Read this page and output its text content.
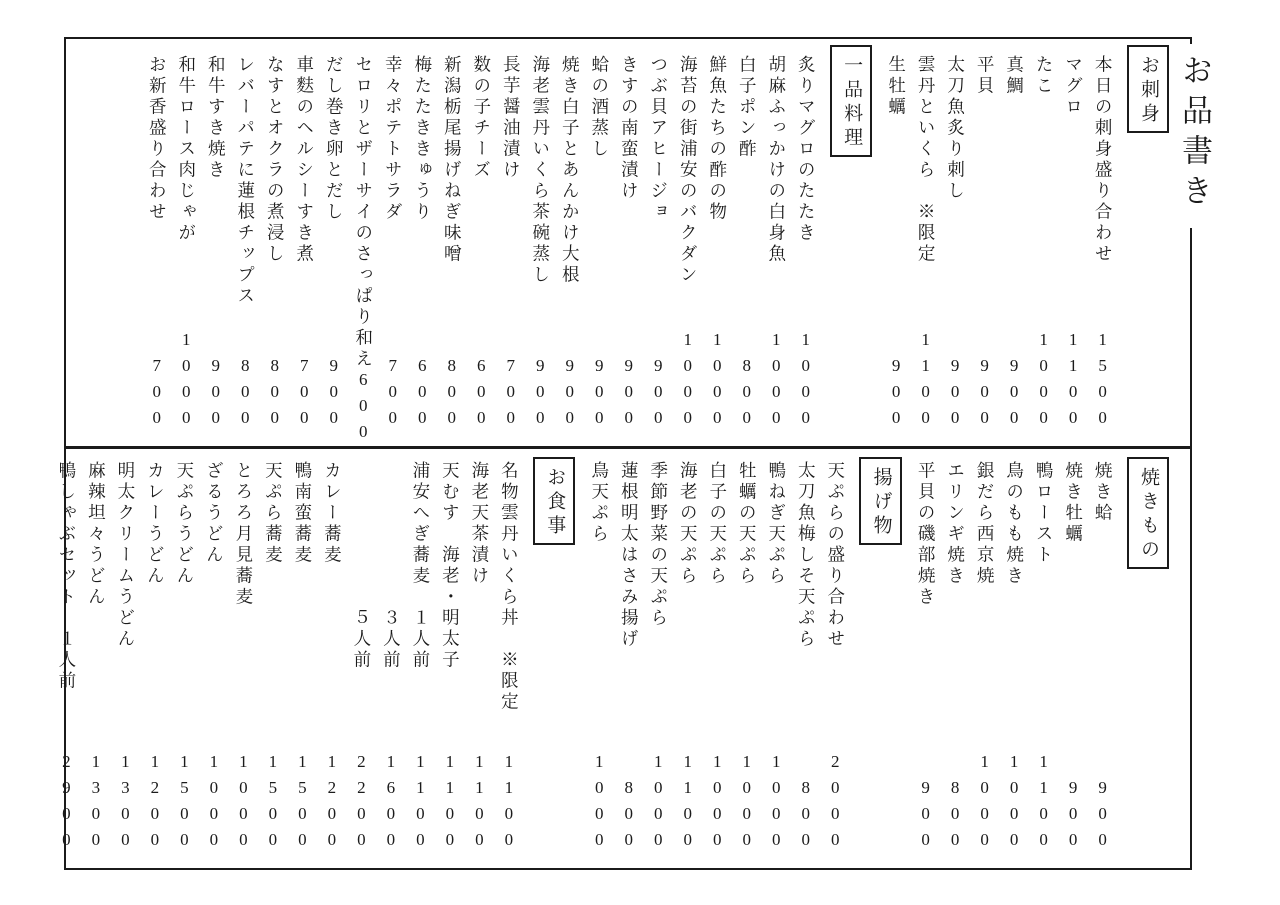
お品書き
お刺身
本日の刺身盛り合わせ
1500
マグロ
1100
たこ
1000
真鯛
900
平貝
900
太刀魚炙り刺し
900
雲丹といくら　※限定
1100
生牡蠣
900
一品料理
炙りマグロのたたき
1000
胡麻ふっかけの白身魚
1000
白子ポン酢
800
鮮魚たちの酢の物
1000
海苔の街浦安のバクダン
1000
つぶ貝アヒージョ
900
きすの南蛮漬け
900
蛤の酒蒸し
900
焼き白子とあんかけ大根
900
海老雲丹いくら茶碗蒸し
900
長芋醤油漬け
700
数の子チーズ
600
新潟栃尾揚げねぎ味噌
800
梅たたききゅうり
600
幸々ポテトサラダ
700
セロリとザーサイのさっぱり和え
600
だし巻き卵とだし
900
車麩のヘルシーすき煮
700
なすとオクラの煮浸し
800
レバーパテに蓮根チップス
800
和牛すき焼き
900
和牛ロース肉じゃが
1000
お新香盛り合わせ
700
焼きもの
焼き蛤
900
焼き牡蠣
900
鴨ロースト
1100
鳥のもも焼き
1000
銀だら西京焼
1000
エリンギ焼き
800
平貝の磯部焼き
900
揚げ物
天ぷらの盛り合わせ
2000
太刀魚梅しそ天ぷら
800
鴨ねぎ天ぷら
1000
牡蠣の天ぷら
1000
白子の天ぷら
1000
海老の天ぷら
1100
季節野菜の天ぷら
1000
蓮根明太はさみ揚げ
800
鳥天ぷら
1000
お食事
名物雲丹いくら丼　※限定
1100
海老天茶漬け
1100
天むす　海老・明太子
1100
浦安へぎ蕎麦　１人前
1100
　　　　　　　３人前
1600
　　　　　　　５人前
2200
カレー蕎麦
1200
鴨南蛮蕎麦
1500
天ぷら蕎麦
1500
とろろ月見蕎麦
1000
ざるうどん
1000
天ぷらうどん
1500
カレーうどん
1200
明太クリームうどん
1300
麻辣坦々うどん
1300
鴨しゃぶセット　１人前
2900
